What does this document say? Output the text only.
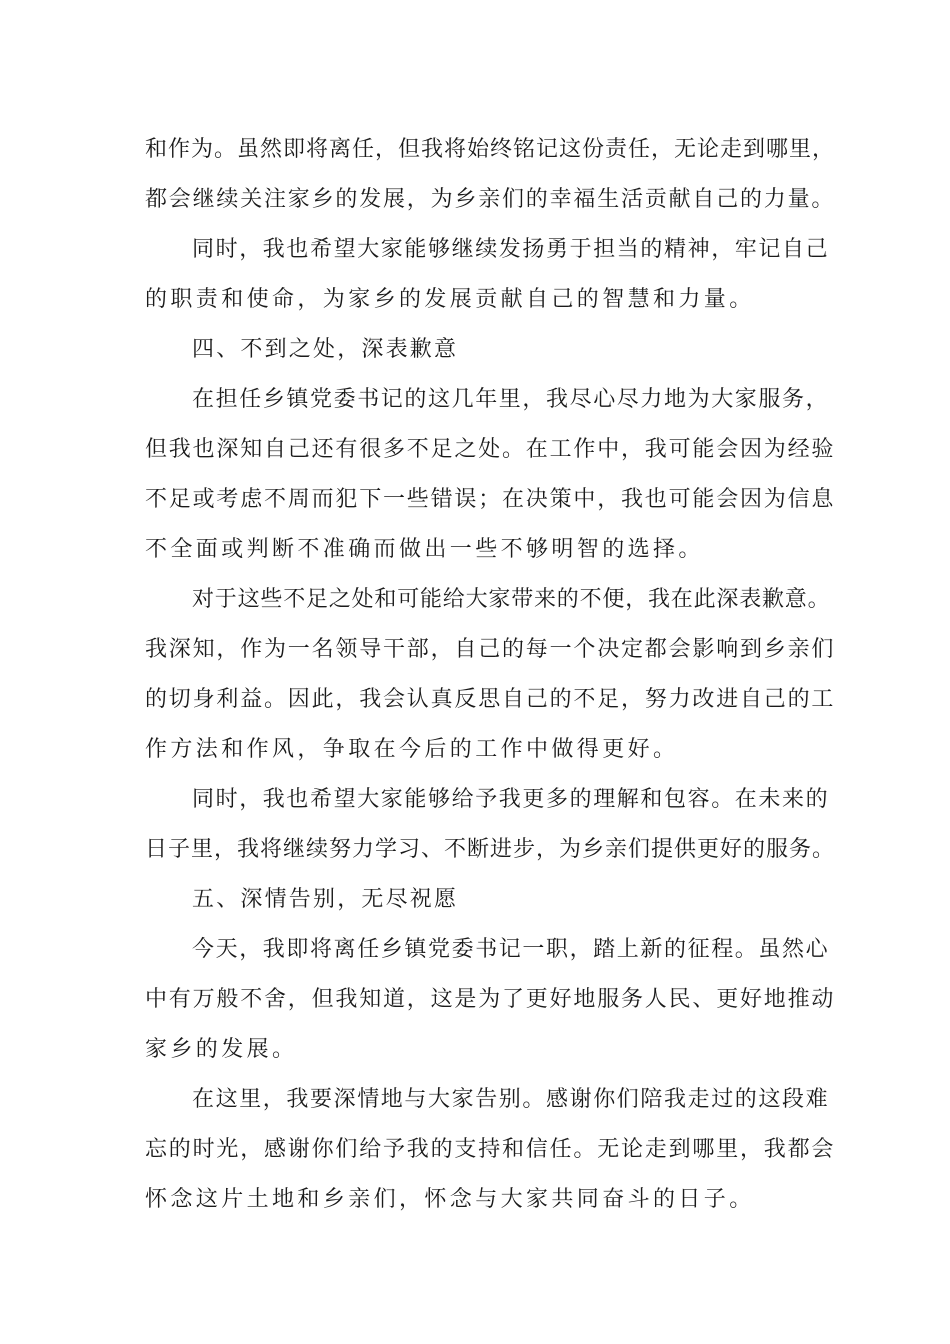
和作为。虽然即将离任，但我将始终铭记这份责任，无论走到哪里，
都会继续关注家乡的发展，为乡亲们的幸福生活贡献自己的力量。
同时，我也希望大家能够继续发扬勇于担当的精神，牢记自己
的职责和使命，为家乡的发展贡献自己的智慧和力量。
四、不到之处，深表歉意
在担任乡镇党委书记的这几年里，我尽心尽力地为大家服务，
但我也深知自己还有很多不足之处。在工作中，我可能会因为经验
不足或考虑不周而犯下一些错误；在决策中，我也可能会因为信息
不全面或判断不准确而做出一些不够明智的选择。
对于这些不足之处和可能给大家带来的不便，我在此深表歉意。
我深知，作为一名领导干部，自己的每一个决定都会影响到乡亲们
的切身利益。因此，我会认真反思自己的不足，努力改进自己的工
作方法和作风，争取在今后的工作中做得更好。
同时，我也希望大家能够给予我更多的理解和包容。在未来的
日子里，我将继续努力学习、不断进步，为乡亲们提供更好的服务。
五、深情告别，无尽祝愿
今天，我即将离任乡镇党委书记一职，踏上新的征程。虽然心
中有万般不舍，但我知道，这是为了更好地服务人民、更好地推动
家乡的发展。
在这里，我要深情地与大家告别。感谢你们陪我走过的这段难
忘的时光，感谢你们给予我的支持和信任。无论走到哪里，我都会
怀念这片土地和乡亲们，怀念与大家共同奋斗的日子。
